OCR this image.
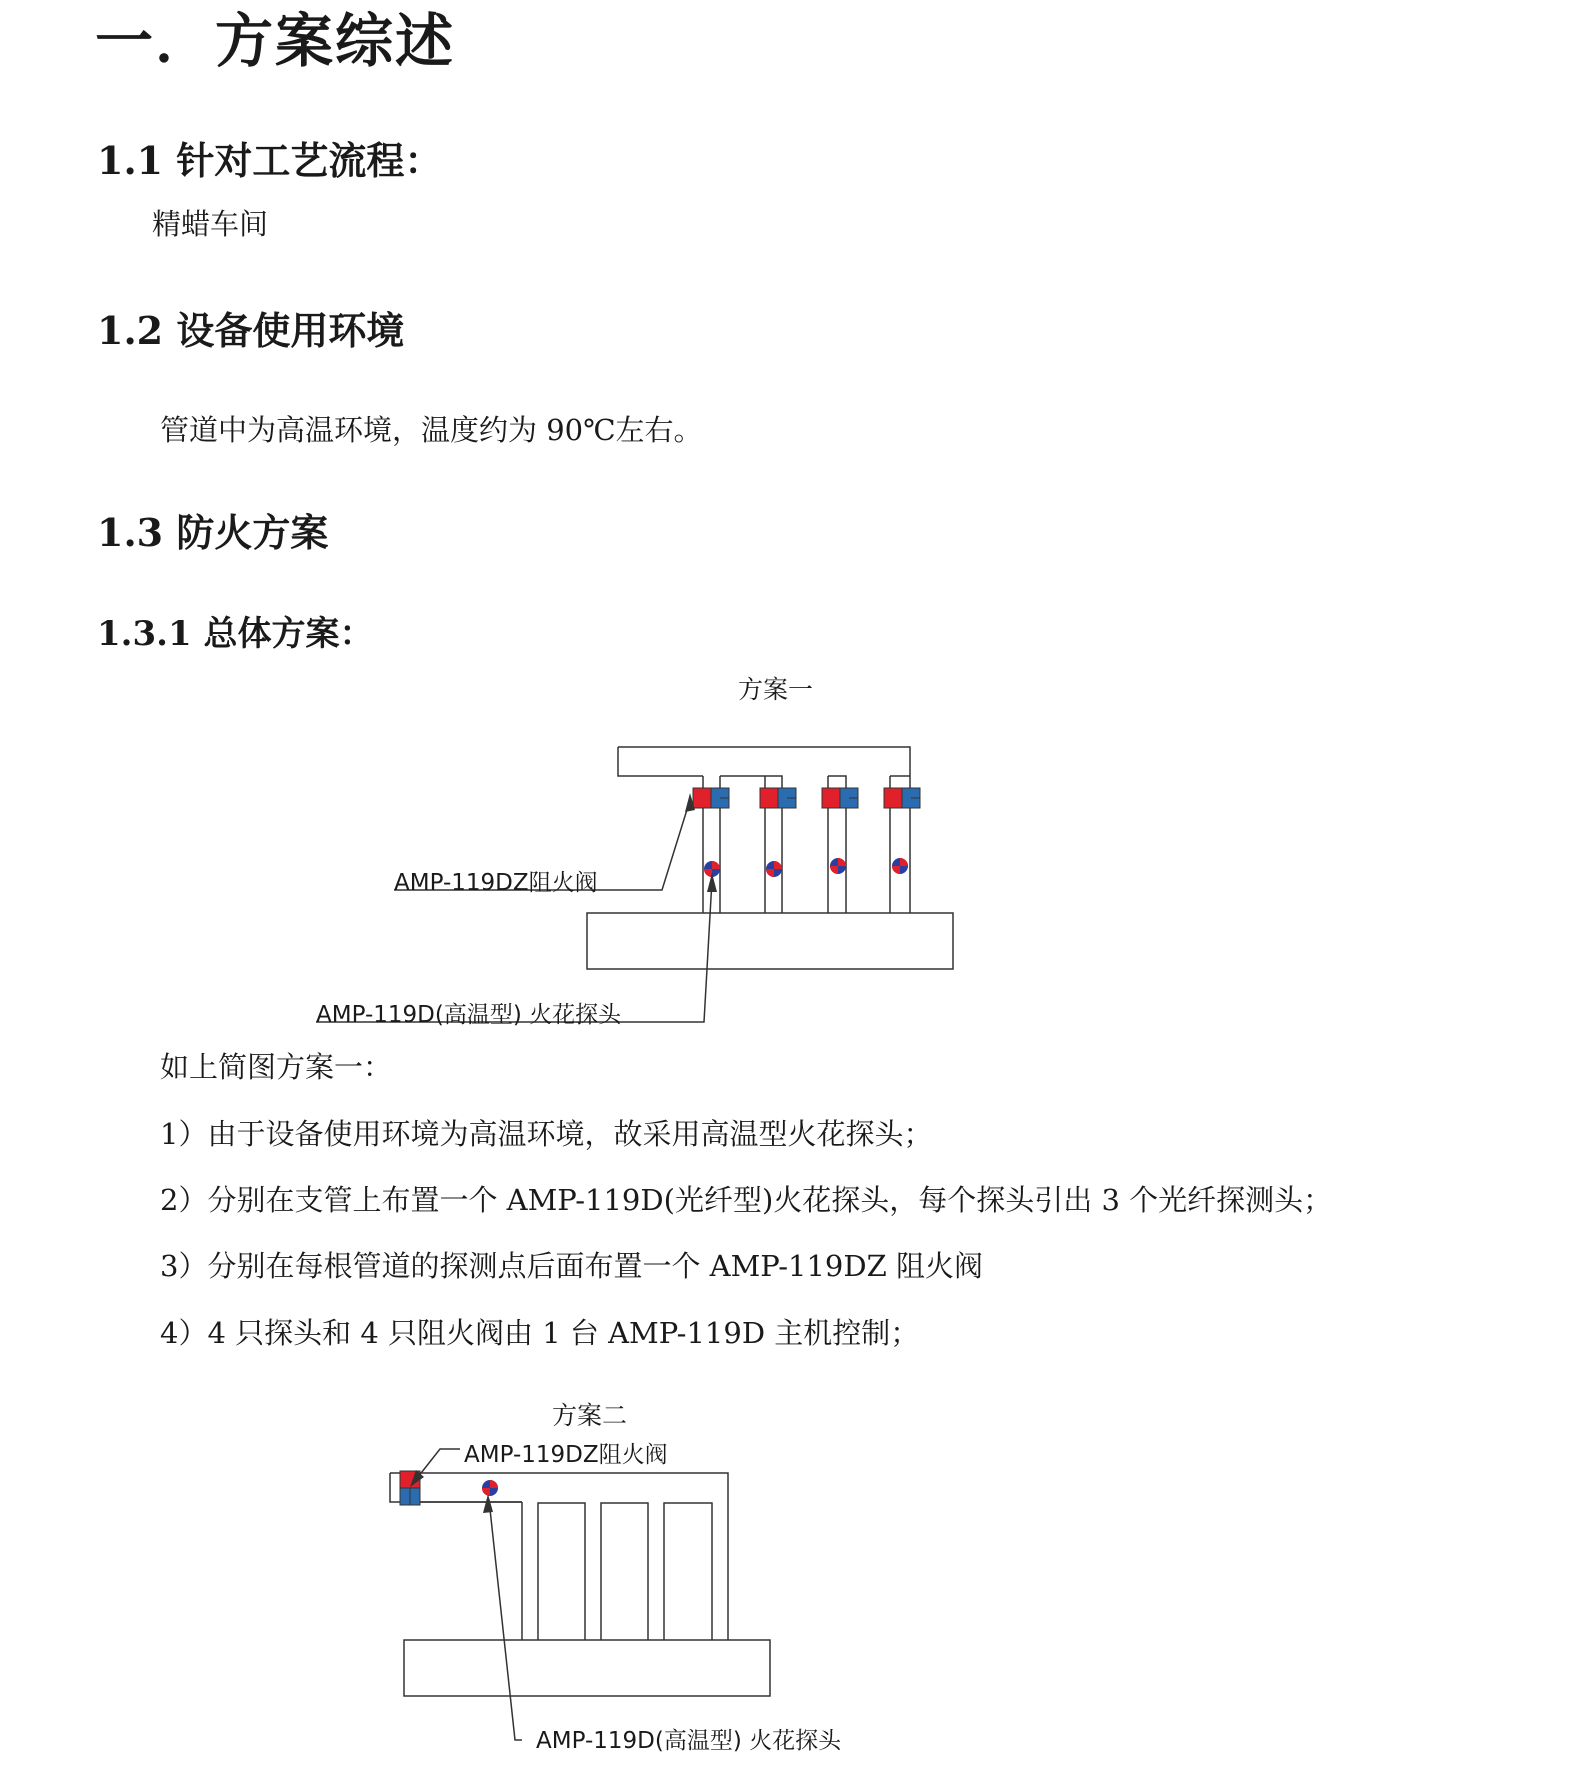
一．方案综述
1.1 针对工艺流程：
精蜡车间
1.2 设备使用环境
管道中为高温环境，温度约为 90℃左右。
1.3 防火方案
1.3.1 总体方案：
方案一
AMP-119DZ阻火阀
AMP-119D(高温型) 火花探头
如上简图方案一：
1）由于设备使用环境为高温环境，故采用高温型火花探头；
2）分别在支管上布置一个 AMP-119D(光纤型)火花探头，每个探头引出 3 个光纤探测头；
3）分别在每根管道的探测点后面布置一个 AMP-119DZ 阻火阀
4）4 只探头和 4 只阻火阀由 1 台 AMP-119D 主机控制；
方案二
AMP-119DZ阻火阀
AMP-119D(高温型) 火花探头
